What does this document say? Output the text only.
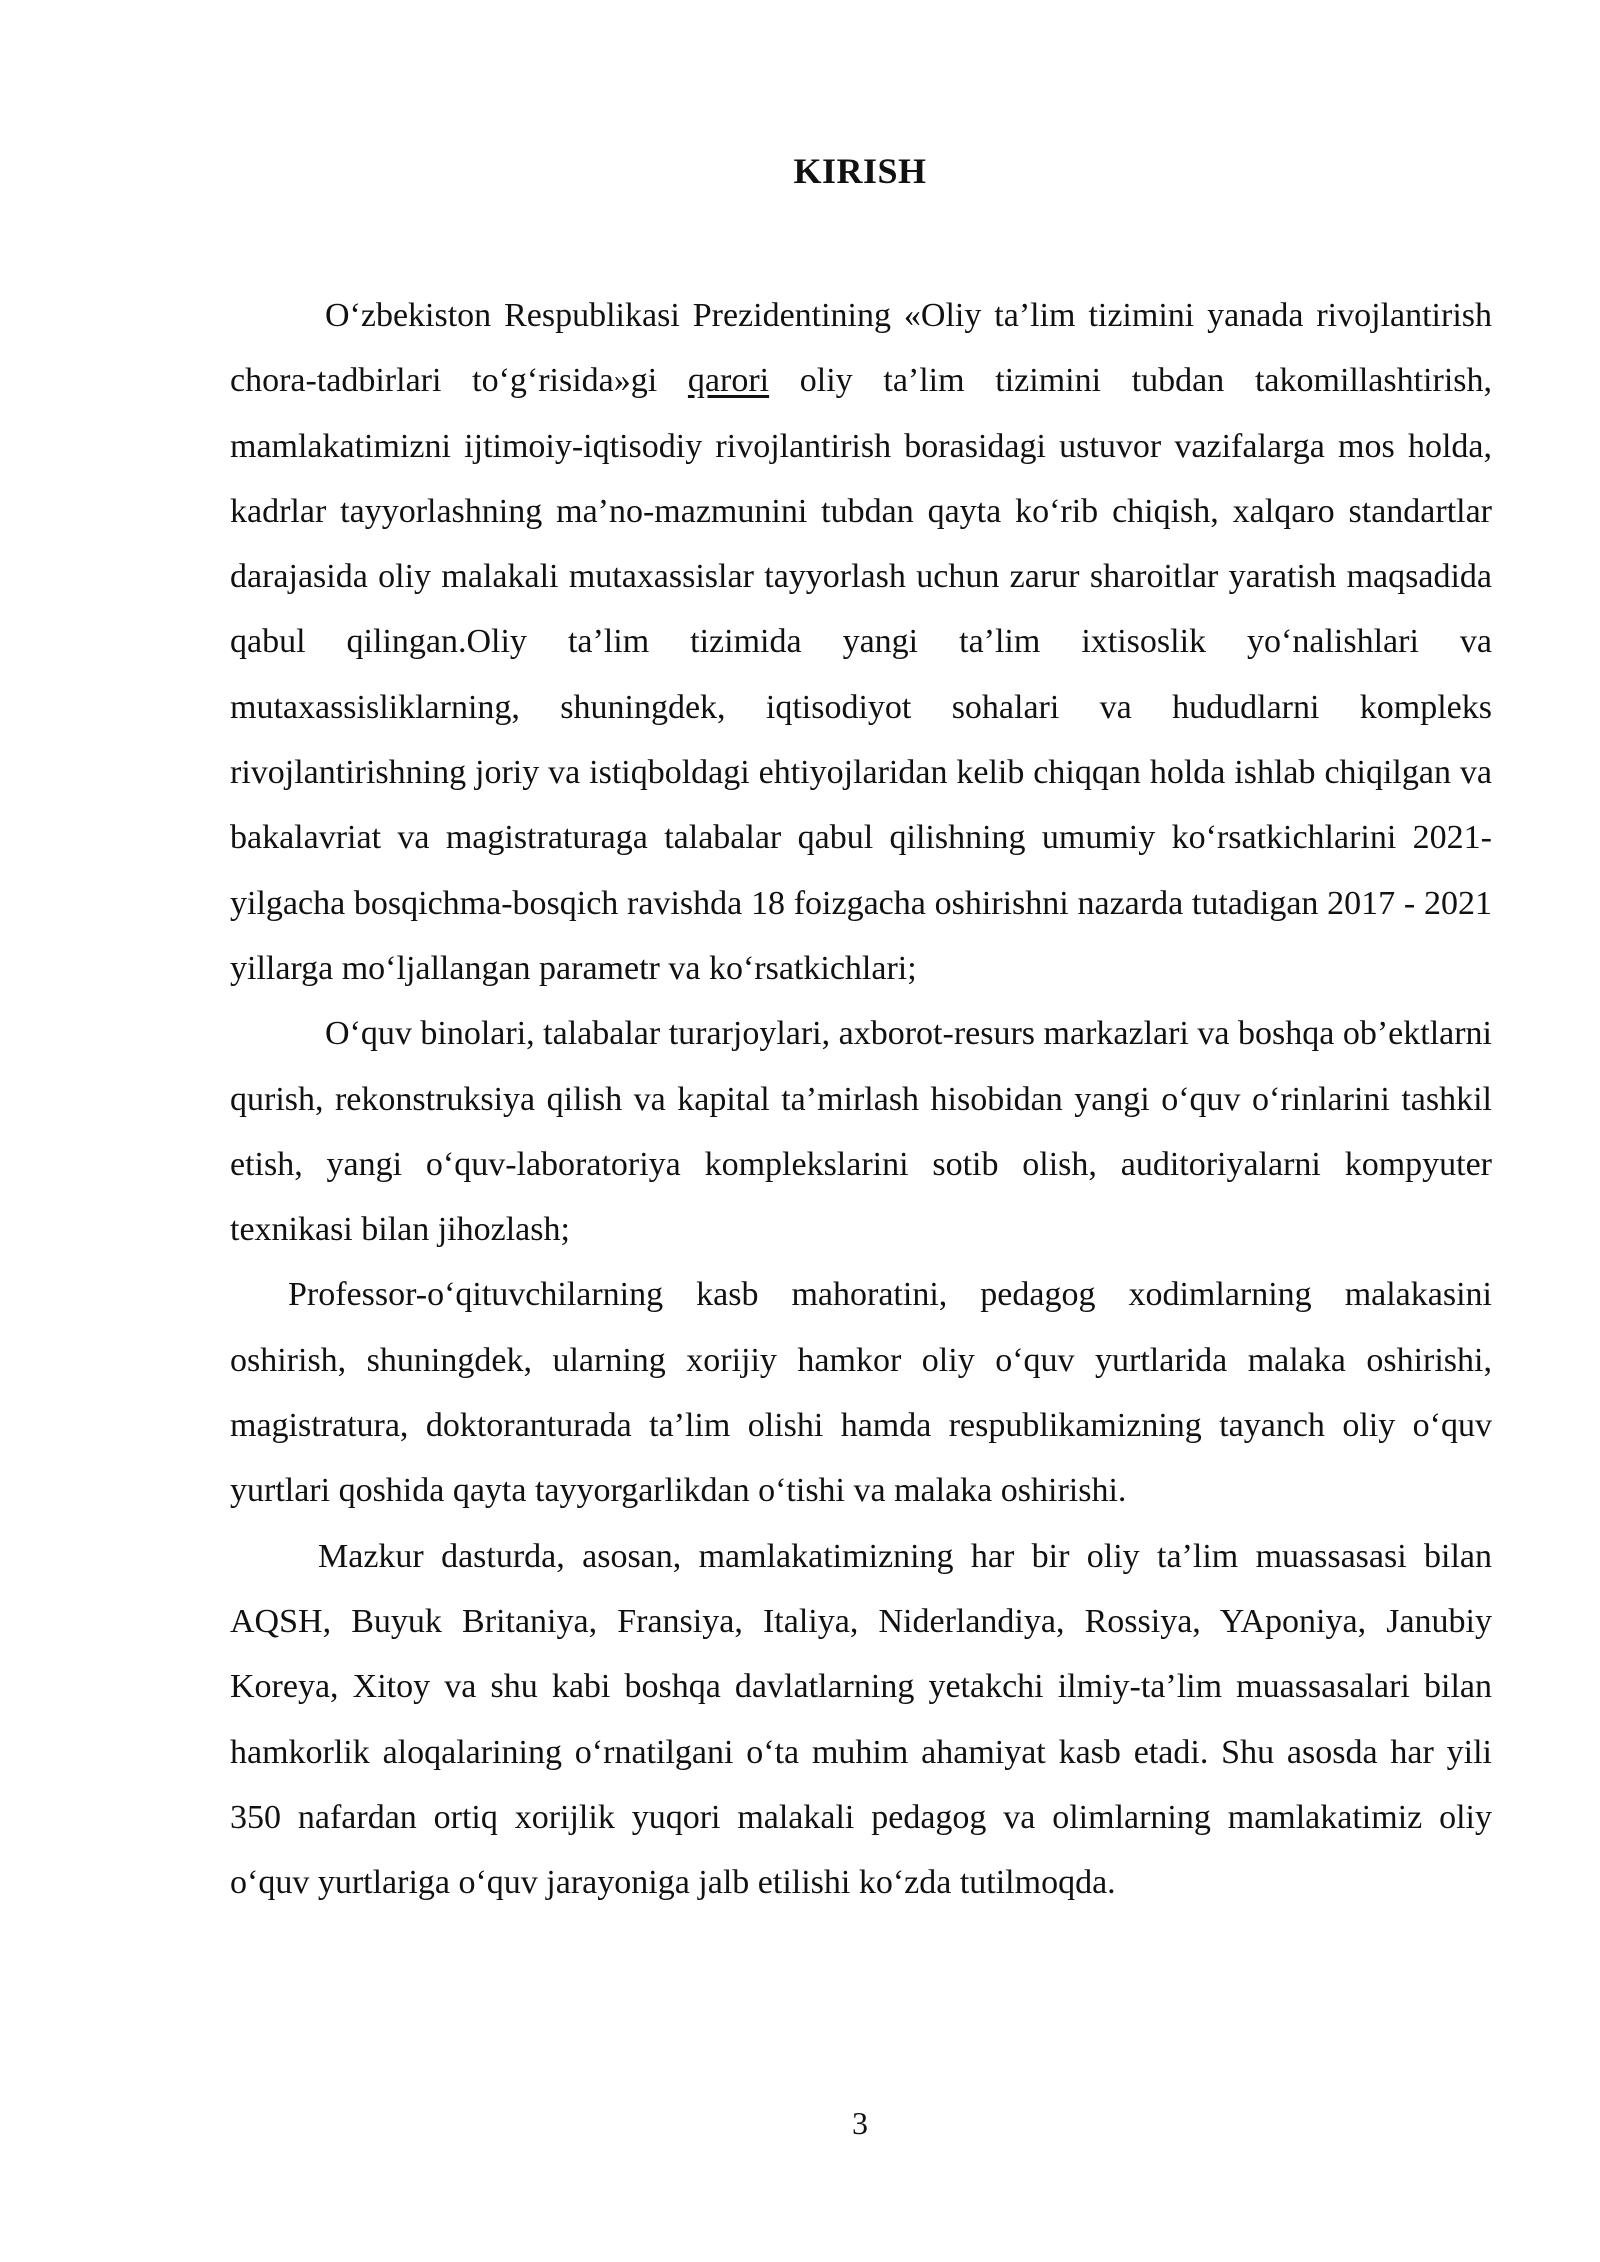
KIRISH

O‘zbekiston Respublikasi Prezidentining «Oliy ta’lim tizimini yanada rivojlantirish chora-tadbirlari to‘g‘risida»gi qarori oliy ta’lim tizimini tubdan takomillashtirish, mamlakatimizni ijtimoiy-iqtisodiy rivojlantirish borasidagi ustuvor vazifalarga mos holda, kadrlar tayyorlashning ma’no-mazmunini tubdan qayta ko‘rib chiqish, xalqaro standartlar darajasida oliy malakali mutaxassislar tayyorlash uchun zarur sharoitlar yaratish maqsadida qabul qilingan.Oliy ta’lim tizimida yangi ta’lim ixtisoslik yo‘nalishlari va mutaxassisliklarning, shuningdek, iqtisodiyot sohalari va hududlarni kompleks rivojlantirishning joriy va istiqboldagi ehtiyojlaridan kelib chiqqan holda ishlab chiqilgan va bakalavriat va magistraturaga talabalar qabul qilishning umumiy ko‘rsatkichlarini 2021-yilgacha bosqichma-bosqich ravishda 18 foizgacha oshirishni nazarda tutadigan 2017 - 2021 yillarga mo‘ljallangan parametr va ko‘rsatkichlari;

O‘quv binolari, talabalar turarjoylari, axborot-resurs markazlari va boshqa ob’ektlarni qurish, rekonstruksiya qilish va kapital ta’mirlash hisobidan yangi o‘quv o‘rinlarini tashkil etish, yangi o‘quv-laboratoriya komplekslarini sotib olish, auditoriyalarni kompyuter texnikasi bilan jihozlash;

Professor-o‘qituvchilarning kasb mahoratini, pedagog xodimlarning malakasini oshirish, shuningdek, ularning xorijiy hamkor oliy o‘quv yurtlarida malaka oshirishi, magistratura, doktoranturada ta’lim olishi hamda respublikamizning tayanch oliy o‘quv yurtlari qoshida qayta tayyorgarlikdan o‘tishi va malaka oshirishi.

Mazkur dasturda, asosan, mamlakatimizning har bir oliy ta’lim muassasasi bilan AQSH, Buyuk Britaniya, Fransiya, Italiya, Niderlandiya, Rossiya, YAponiya, Janubiy Koreya, Xitoy va shu kabi boshqa davlatlarning yetakchi ilmiy-ta’lim muassasalari bilan hamkorlik aloqalarining o‘rnatilgani o‘ta muhim ahamiyat kasb etadi. Shu asosda har yili 350 nafardan ortiq xorijlik yuqori malakali pedagog va olimlarning mamlakatimiz oliy o‘quv yurtlariga o‘quv jarayoniga jalb etilishi ko‘zda tutilmoqda.

3
